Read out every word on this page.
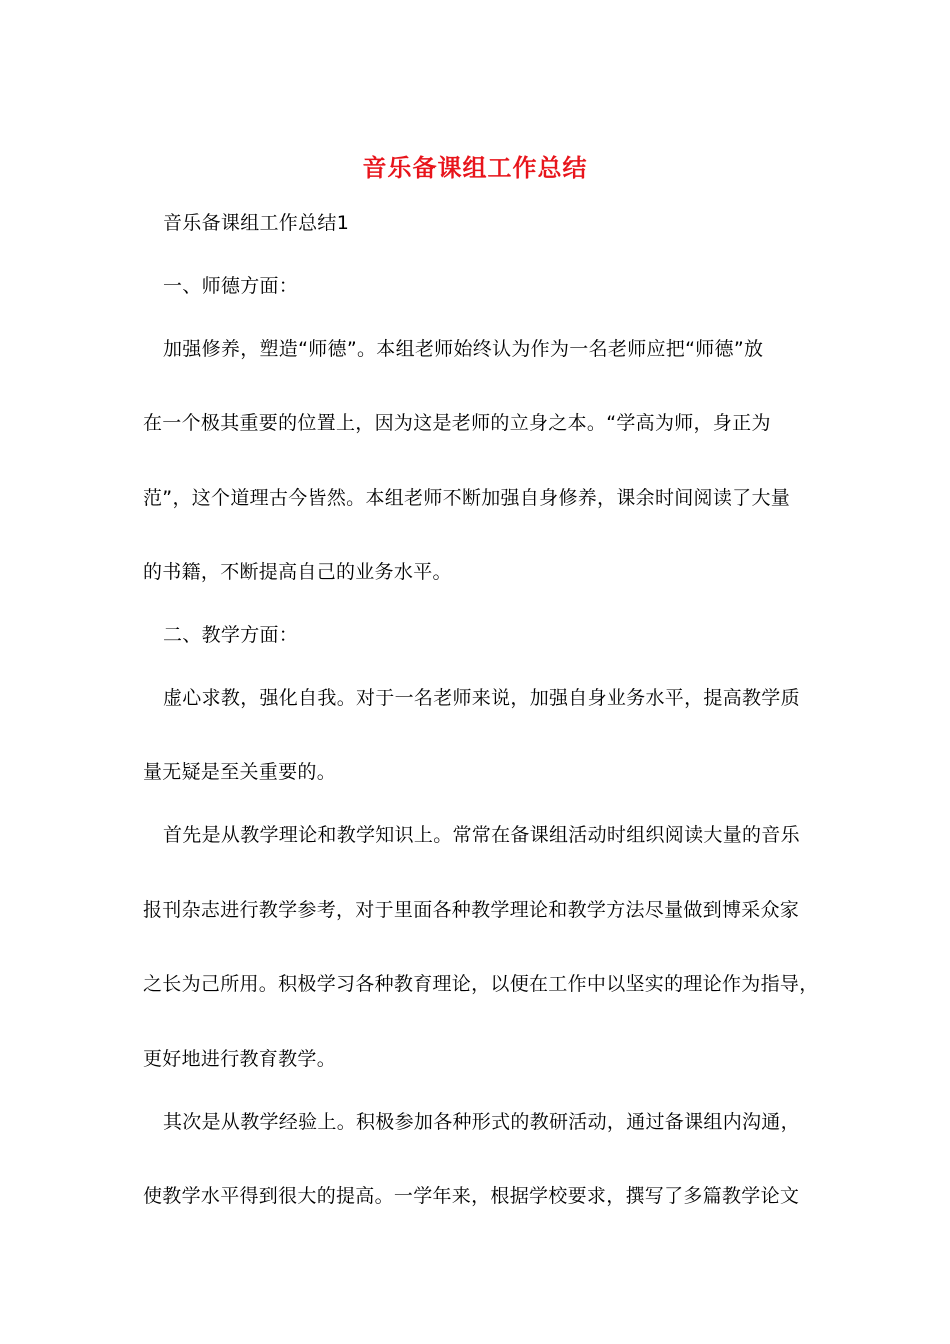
音乐备课组工作总结
音乐备课组工作总结1
一、师德方面：
加强修养，塑造“师德”。本组老师始终认为作为一名老师应把“师德”放
在一个极其重要的位置上，因为这是老师的立身之本。“学高为师，身正为
范”，这个道理古今皆然。本组老师不断加强自身修养，课余时间阅读了大量
的书籍，不断提高自己的业务水平。
二、教学方面：
虚心求教，强化自我。对于一名老师来说，加强自身业务水平，提高教学质
量无疑是至关重要的。
首先是从教学理论和教学知识上。常常在备课组活动时组织阅读大量的音乐
报刊杂志进行教学参考，对于里面各种教学理论和教学方法尽量做到博采众家
之长为己所用。积极学习各种教育理论，以便在工作中以坚实的理论作为指导，
更好地进行教育教学。
其次是从教学经验上。积极参加各种形式的教研活动，通过备课组内沟通，
使教学水平得到很大的提高。一学年来，根据学校要求，撰写了多篇教学论文
